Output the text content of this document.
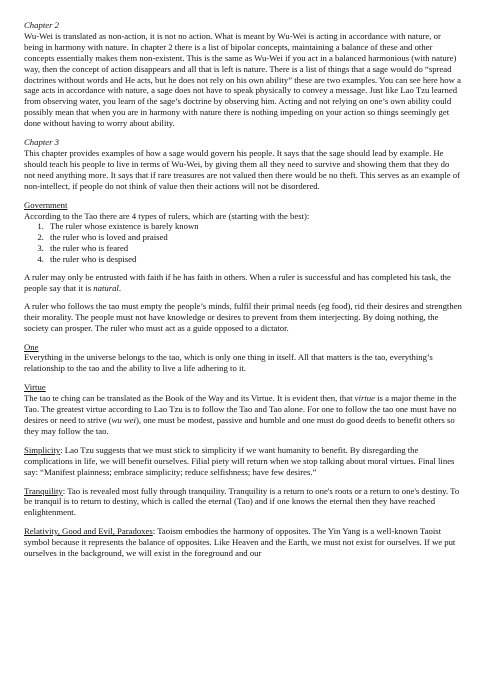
Chapter 2

Wu-Wei is translated as non-action, it is not no action. What is meant by Wu-Wei is acting in accordance with nature, or being in harmony with nature. In chapter 2 there is a list of bipolar concepts, maintaining a balance of these and other concepts essentially makes them non-existent. This is the same as Wu-Wei if you act in a balanced harmonious (with nature) way, then the concept of action disappears and all that is left is nature. There is a list of things that a sage would do “spread doctrines without words and He acts, but he does not rely on his own ability” these are two examples. You can see here how a sage acts in accordance with nature, a sage does not have to speak physically to convey a message. Just like Lao Tzu learned from observing water, you learn of the sage’s doctrine by observing him. Acting and not relying on one’s own ability could possibly mean that when you are in harmony with nature there is nothing impeding on your action so things seemingly get done without having to worry about ability.

Chapter 3

This chapter provides examples of how a sage would govern his people. It says that the sage should lead by example. He should teach his people to live in terms of Wu-Wei, by giving them all they need to survive and showing them that they do not need anything more. It says that if rare treasures are not valued then there would be no theft. This serves as an example of non-intellect, if people do not think of value then their actions will not be disordered.

Government

According to the Tao there are 4 types of rulers, which are (starting with the best):

1. The ruler whose existence is barely known
2. the ruler who is loved and praised
3. the ruler who is feared
4. the ruler who is despised

A ruler may only be entrusted with faith if he has faith in others. When a ruler is successful and has completed his task, the people say that it is natural.

A ruler who follows the tao must empty the people’s minds, fulfil their primal needs (eg food), rid their desires and strengthen their morality. The people must not have knowledge or desires to prevent from them interjecting. By doing nothing, the society can prosper. The ruler who must act as a guide opposed to a dictator.

One

Everything in the universe belongs to the tao, which is only one thing in itself. All that matters is the tao, everything’s relationship to the tao and the ability to live a life adhering to it.

Virtue

The tao te ching can be translated as the Book of the Way and its Virtue. It is evident then, that virtue is a major theme in the Tao. The greatest virtue according to Lao Tzu is to follow the Tao and Tao alone. For one to follow the tao one must have no desires or need to strive (wu wei), one must be modest, passive and humble and one must do good deeds to benefit others so they may follow the tao.

Simplicity: Lao Tzu suggests that we must stick to simplicity if we want humanity to benefit. By disregarding the complications in life, we will benefit ourselves. Filial piety will return when we stop talking about moral virtues. Final lines say: “Manifest plainness; embrace simplicity; reduce selfishness; have few desires.”

Tranquility: Tao is revealed most fully through tranquility. Tranquility is a return to one's roots or a return to one's destiny. To be tranquil is to return to destiny, which is called the eternal (Tao) and if one knows the eternal then they have reached enlightenment.

Relativity, Good and Evil, Paradoxes: Taoism embodies the harmony of opposites. The Yin Yang is a well-known Taoist symbol because it represents the balance of opposites. Like Heaven and the Earth, we must not exist for ourselves. If we put ourselves in the background, we will exist in the foreground and our
